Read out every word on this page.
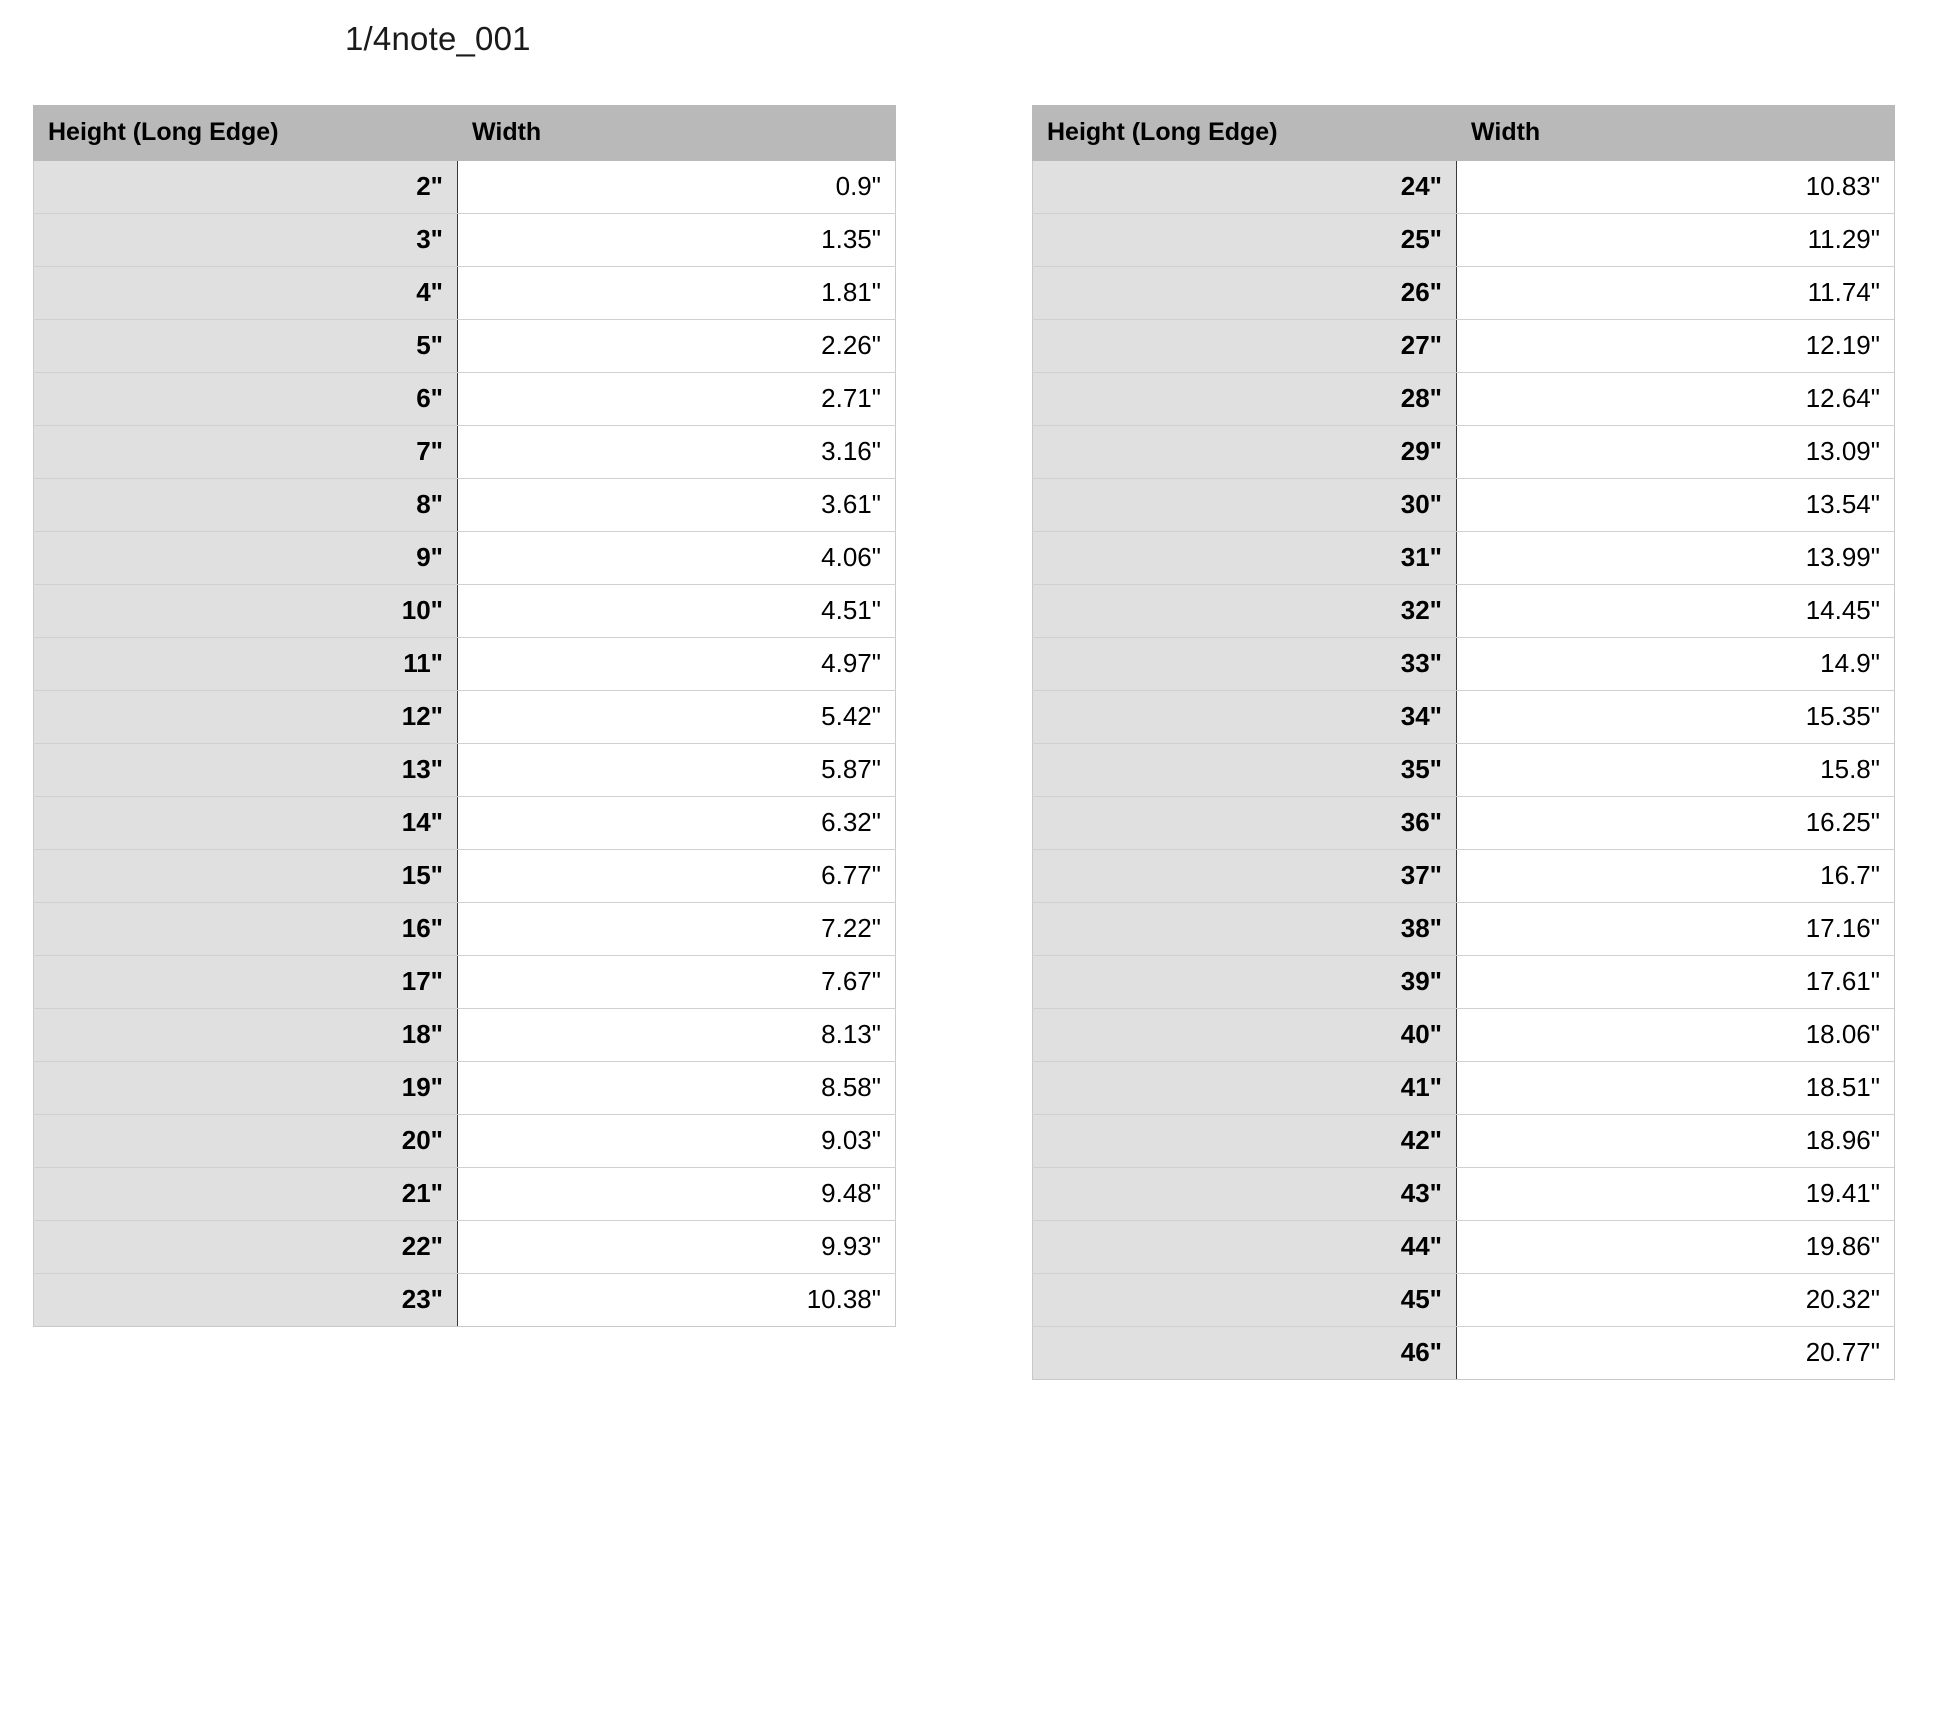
1/4note_001
Height (Long Edge)	Width
2"	0.9"
3"	1.35"
4"	1.81"
5"	2.26"
6"	2.71"
7"	3.16"
8"	3.61"
9"	4.06"
10"	4.51"
11"	4.97"
12"	5.42"
13"	5.87"
14"	6.32"
15"	6.77"
16"	7.22"
17"	7.67"
18"	8.13"
19"	8.58"
20"	9.03"
21"	9.48"
22"	9.93"
23"	10.38"
Height (Long Edge)	Width
24"	10.83"
25"	11.29"
26"	11.74"
27"	12.19"
28"	12.64"
29"	13.09"
30"	13.54"
31"	13.99"
32"	14.45"
33"	14.9"
34"	15.35"
35"	15.8"
36"	16.25"
37"	16.7"
38"	17.16"
39"	17.61"
40"	18.06"
41"	18.51"
42"	18.96"
43"	19.41"
44"	19.86"
45"	20.32"
46"	20.77"
